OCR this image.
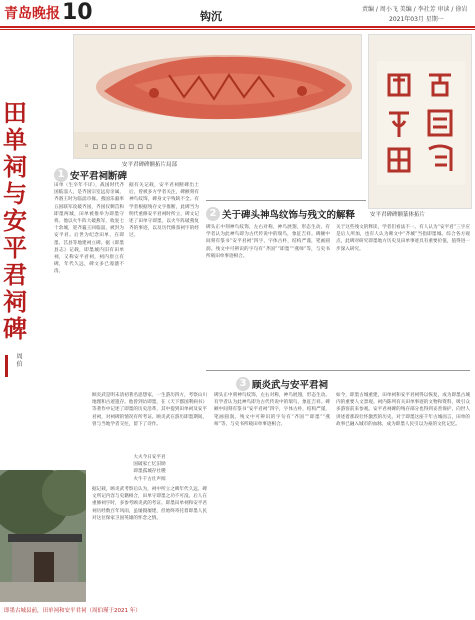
青岛晚报 10	钩沉
责编 / 周小飞 美编 / 李社芳 审读 / 徐岩
2021年03月 星期一
◦ ▫ ▫ ▫ ▫ ▫ ▫ ▫
安平君碑碑额拓片局部
安平君碑碑额篆体拓片
田单祠与安平君祠碑
周 伯
1 安平君祠断碑
田单（生卒年不详），战国时代齐国临淄人，是齐国宗室远房亲属，齐湣王时为临淄市掾。燕国乐毅率五国联军攻破齐国，齐国仅剩莒和即墨两城，田单被推举为即墨守将。他以火牛阵大破燕军，收复七十余城，迎齐襄王回临淄，被封为安平君。后世为纪念田单，在即墨、莒县等地建祠立碑。据《即墨县志》记载，即墨城内旧有田单祠，又称安平君祠，祠内原立有碑，年代久远，碑文多已漫漶不清。
据有关记载，安平君祠断碑出土后，曾被多方学者关注，碑额刻有神鸟纹饰，碑身文字残缺不全。有学者根据残存文字推断，此碑当为明代重修安平君祠时所立，碑文记述了田单守即墨、以火牛阵破燕复齐的事迹，以及历代修葺祠宇的经过。
2 关于碑头神鸟纹饰与残文的解释
碑头正中刻神鸟纹饰，左右对称，神鸟展翅，形态生动。有学者认为此神鸟即为古代传说中的瑞鸟，象征吉祥。碑额中间刻有篆书“安平君祠”四字，字体古朴，结构严谨，笔画圆润。残文中可辨识的字句有“齐国”“即墨”“燕师”等，与史书所载田单事迹相合。
关于这些残文的释读，学者们看法不一。有人认为“安平君”三字应是后人所加，也有人认为碑文中“齐城”当指即墨城。综合各方观点，此碑对研究即墨地方历史及田单事迹具有重要价值，值得进一步深入研究。
3 顾炎武与安平君祠
顾炎武是明末清初著名思想家，一生游历四方，考察山川地理和古迹遗存。他曾到访即墨，在《天下郡国利病书》等著作中记述了即墨的历史沿革，其中提到田单祠及安平君祠，对祠碑的情况有所考证。顾炎武在游历即墨期间，曾与当地学者交往，留下了诗作。
大夫今日安平君
国破家亡忆旧勋
即墨孤城存社稷
火牛千古壮声闻
据记载，顾炎武考察后认为，祠中所立之碑年代久远，碑文所记内容与史籍相合，田单守即墨之功不可没。后人在重修祠宇时，多参考顾炎武的考证。即墨田单祠和安平君祠历经数百年风雨，虽屡毁屡建，但始终寄托着即墨人民对这位保家卫国英雄的怀念之情。
如今，即墨古城重建，田单祠和安平君祠得以恢复，成为即墨古城内的重要人文景观。祠内陈列有关田单事迹的文物和资料，吸引众多游客前来参观。安平君祠碑的残存部分也得到妥善保护，向世人讲述着那段壮怀激烈的历史。对于即墨这座千年古城而言，田单的故事已融入城市的血脉，成为即墨人民引以为豪的文化记忆。
碑头正中刻神鸟纹饰，左右对称，神鸟展翅，形态生动。有学者认为此神鸟即为古代传说中的瑞鸟，象征吉祥。碑额中间刻有篆书“安平君祠”四字，字体古朴，结构严谨，笔画圆润。残文中可辨识的字句有“齐国”“即墨”“燕师”等，与史书所载田单事迹相合。
即墨古城县前，田单祠和安平君祠（周伯瑾于2021 年）
